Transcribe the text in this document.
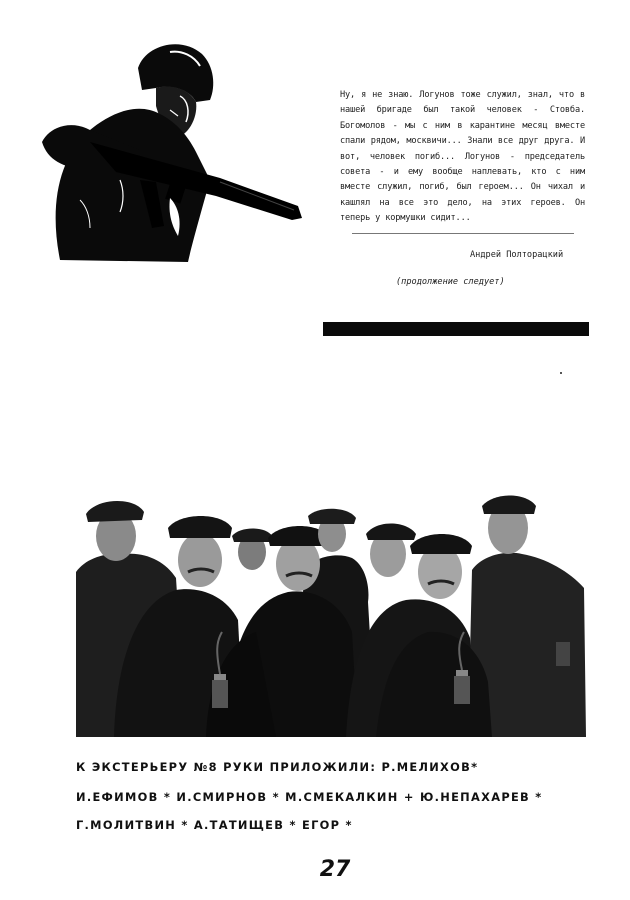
Ну, я не знаю. Логунов тоже служил, знал, что в нашей бригаде был такой человек - Стовба. Богомолов - мы с ним в карантине месяц вместе спали рядом, москвичи... Знали все друг друга. И вот, человек погиб... Логунов - председатель совета - и ему вообще наплевать, кто с ним вместе служил, погиб, был героем... Он чихал и кашлял на все это дело, на этих героев. Он теперь у кормушки сидит...
Андрей Полторацкий
(продолжение следует)
К ЭКСТЕРЬЕРУ №8 РУКИ ПРИЛОЖИЛИ: Р.МЕЛИХОВ*
И.ЕФИМОВ * И.СМИРНОВ * М.СМЕКАЛКИН + Ю.НЕПАХАРЕВ *
Г.МОЛИТВИН * А.ТАТИЩЕВ * ЕГОР *
27
